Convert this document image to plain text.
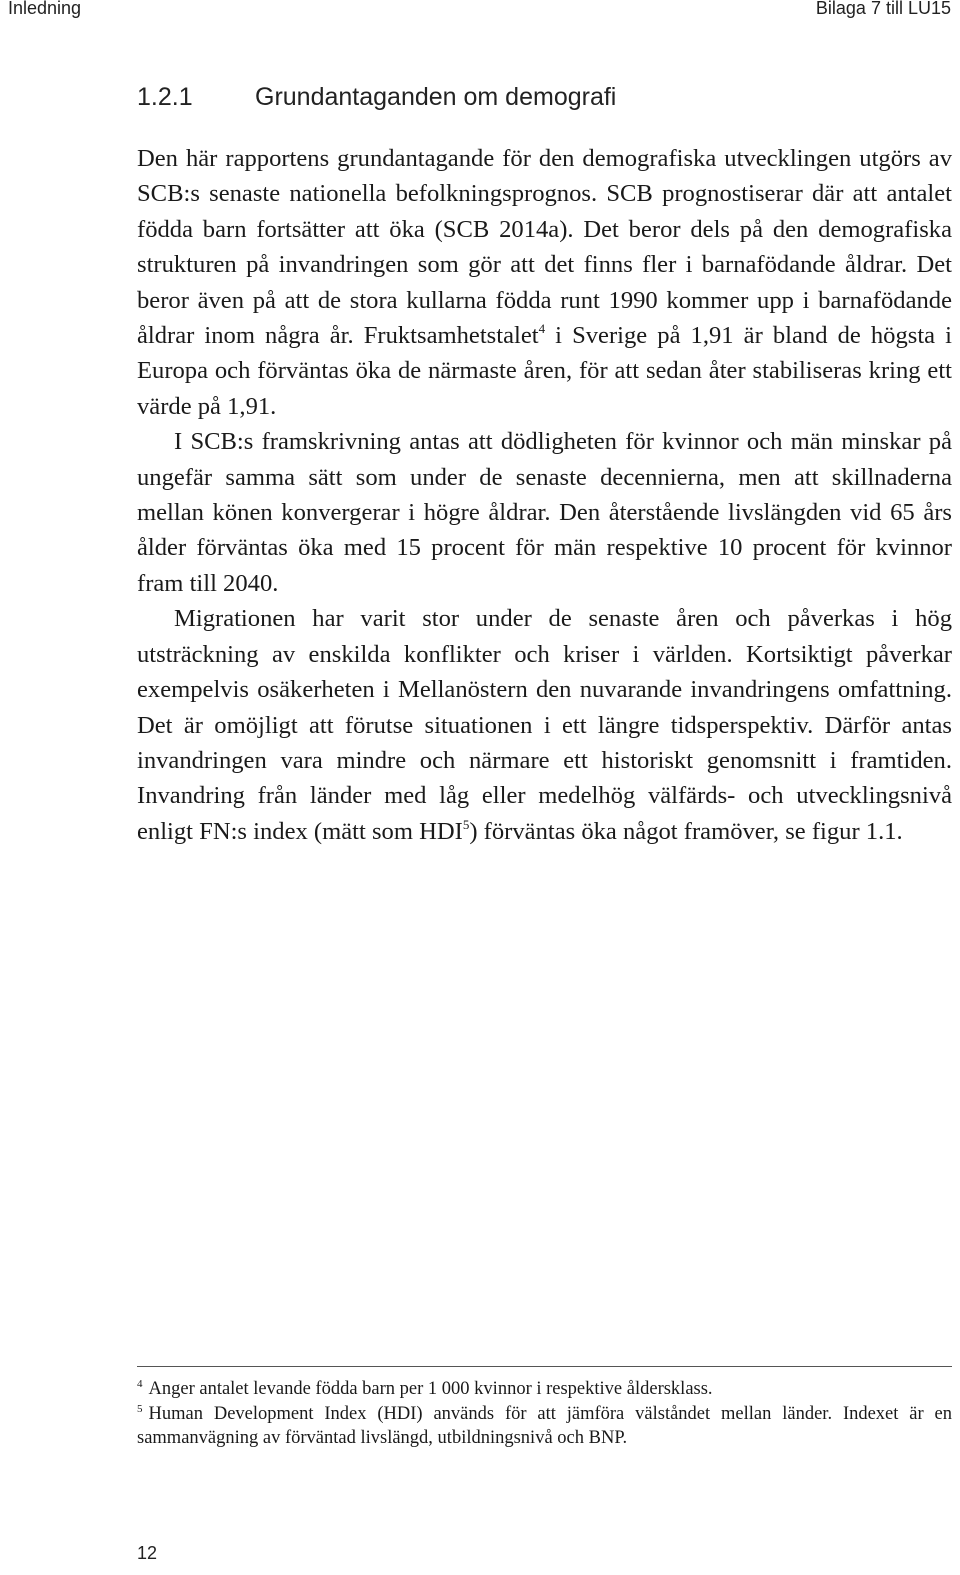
Inledning	Bilaga 7 till LU15
1.2.1 Grundantaganden om demografi

Den här rapportens grundantagande för den demografiska utvecklingen utgörs av SCB:s senaste nationella befolkningsprognos. SCB prognostiserar där att antalet födda barn fortsätter att öka (SCB 2014a). Det beror dels på den demografiska strukturen på invandringen som gör att det finns fler i barnafödande åldrar. Det beror även på att de stora kullarna födda runt 1990 kommer upp i barnafödande åldrar inom några år. Fruktsamhetstalet$^4$ i Sverige på 1,91 är bland de högsta i Europa och förväntas öka de närmaste åren, för att sedan åter stabiliseras kring ett värde på 1,91.

I SCB:s framskrivning antas att dödligheten för kvinnor och män minskar på ungefär samma sätt som under de senaste decennierna, men att skillnaderna mellan könen konvergerar i högre åldrar. Den återstående livslängden vid 65 års ålder förväntas öka med 15 procent för män respektive 10 procent för kvinnor fram till 2040.

Migrationen har varit stor under de senaste åren och påverkas i hög utsträckning av enskilda konflikter och kriser i världen. Kortsiktigt påverkar exempelvis osäkerheten i Mellanöstern den nuvarande invandringens omfattning. Det är omöjligt att förutse situationen i ett längre tidsperspektiv. Därför antas invandringen vara mindre och närmare ett historiskt genomsnitt i framtiden. Invandring från länder med låg eller medelhög välfärds- och utvecklingsnivå enligt FN:s index (mätt som HDI$^5$) förväntas öka något framöver, se figur 1.1.

$^4$ Anger antalet levande födda barn per 1 000 kvinnor i respektive åldersklass.

$^5$ Human Development Index (HDI) används för att jämföra välståndet mellan länder. Indexet är en sammanvägning av förväntad livslängd, utbildningsnivå och BNP.

12
